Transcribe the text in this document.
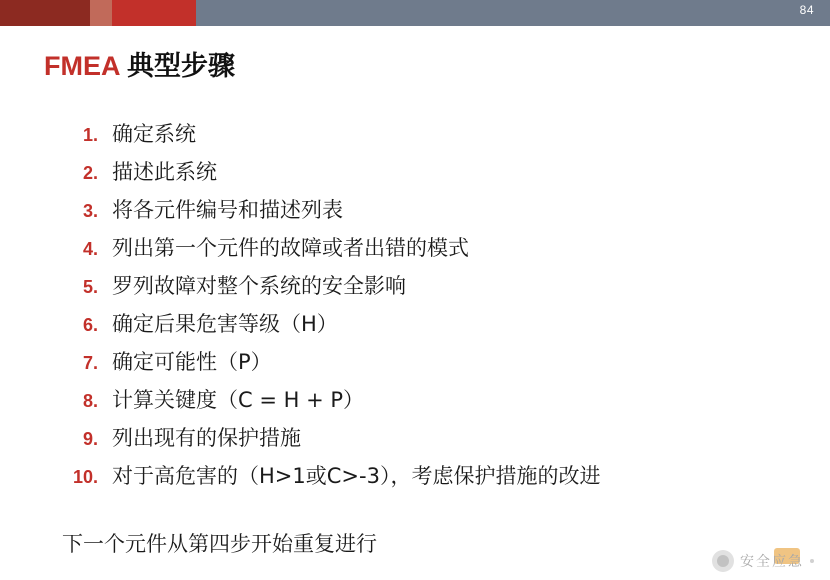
84
FMEA 典型步骤
1. 确定系统
2. 描述此系统
3. 将各元件编号和描述列表
4. 列出第一个元件的故障或者出错的模式
5. 罗列故障对整个系统的安全影响
6. 确定后果危害等级（H）
7. 确定可能性（P）
8. 计算关键度（C = H + P）
9. 列出现有的保护措施
10. 对于高危害的（H>1或C>-3），考虑保护措施的改进
下一个元件从第四步开始重复进行
安全应急
